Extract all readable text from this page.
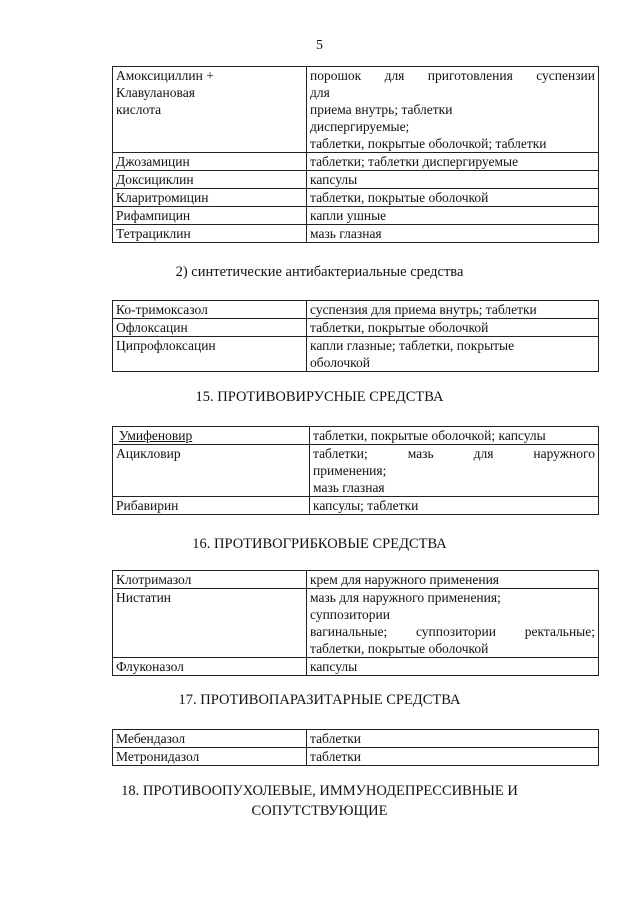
5
Амоксициллин +
Клавулановая
кислота	порошок для приготовления суспензии
для
приема внутрь; таблетки
диспергируемые;
таблетки, покрытые оболочкой; таблетки

Джозамицин	таблетки; таблетки диспергируемые
Доксициклин	капсулы
Кларитромицин	таблетки, покрытые оболочкой
Рифампицин	капли ушные
Тетрациклин	мазь глазная
2) синтетические антибактериальные средства
Ко-тримоксазол	суспензия для приема внутрь; таблетки
Офлоксацин	таблетки, покрытые оболочкой
Ципрофлоксацин	капли глазные; таблетки, покрытые
оболочкой
15. ПРОТИВОВИРУСНЫЕ СРЕДСТВА
Умифеновир	таблетки, покрытые оболочкой; капсулы
Ацикловир	таблетки; мазь для наружного
применения;
мазь глазная

Рибавирин	капсулы; таблетки
16. ПРОТИВОГРИБКОВЫЕ СРЕДСТВА
Клотримазол	крем для наружного применения
Нистатин	мазь для наружного применения;
суппозитории
вагинальные; суппозитории ректальные;
таблетки, покрытые оболочкой

Флуконазол	капсулы
17. ПРОТИВОПАРАЗИТАРНЫЕ СРЕДСТВА
Мебендазол	таблетки
Метронидазол	таблетки
18. ПРОТИВООПУХОЛЕВЫЕ, ИММУНОДЕПРЕССИВНЫЕ И
СОПУТСТВУЮЩИЕ
